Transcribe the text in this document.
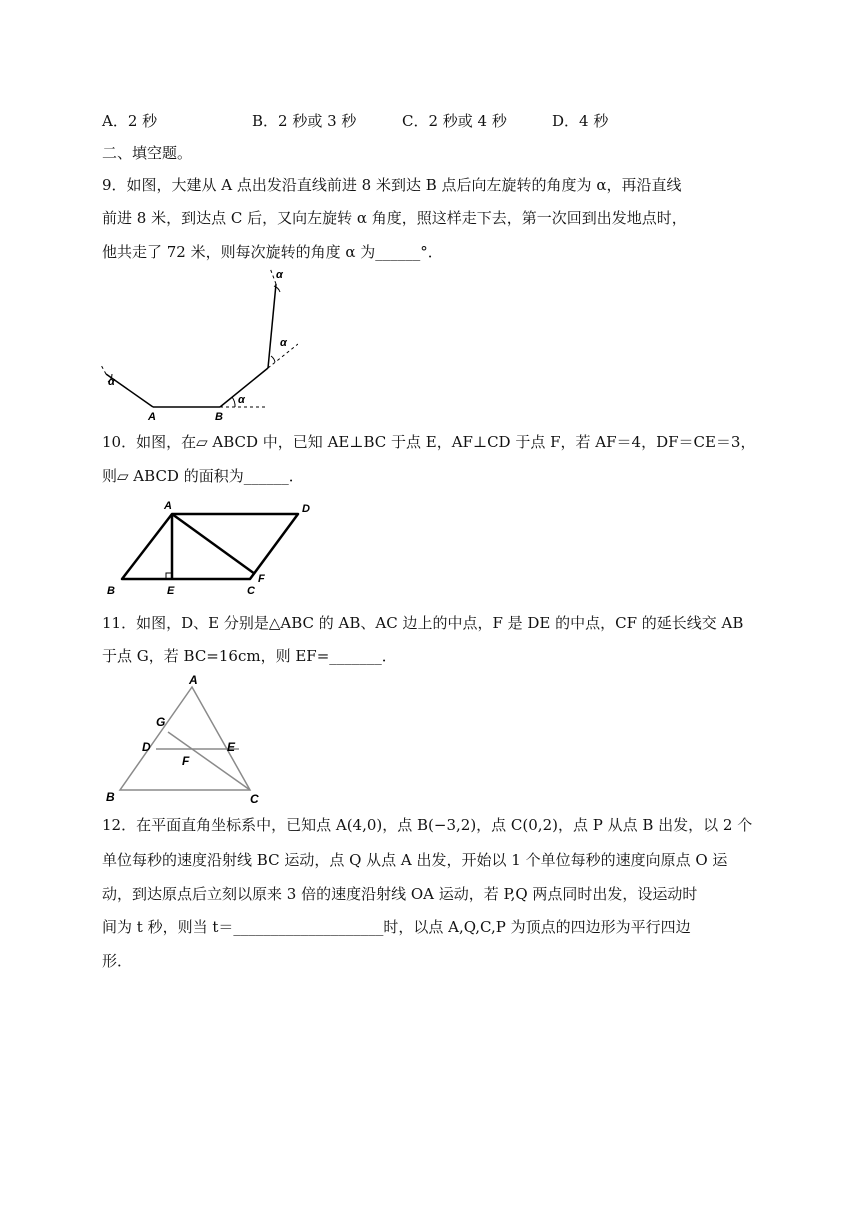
A．2 秒	B．2 秒或 3 秒	C．2 秒或 4 秒	D．4 秒
二、填空题。
9．如图，大建从 A 点出发沿直线前进 8 米到达 B 点后向左旋转的角度为 α，再沿直线
前进 8 米，到达点 C 后，又向左旋转 α 角度，照这样走下去，第一次回到出发地点时，
他共走了 72 米，则每次旋转的角度 α 为______°．
A	B
α
α
α
α
10．如图，在▱ ABCD 中，已知 AE⊥BC 于点 E，AF⊥CD 于点 F，若 AF＝4，DF＝CE＝3，
则▱ ABCD 的面积为______．
A	D
B	E	C
F
11．如图，D、E 分别是△ABC 的 AB、AC 边上的中点，F 是 DE 的中点，CF 的延长线交 AB
于点 G，若 BC=16cm，则 EF=_______．
A
G
D	E
F
B	C
12．在平面直角坐标系中，已知点 A(4,0)，点 B(−3,2)，点 C(0,2)，点 P 从点 B 出发，以 2 个
单位每秒的速度沿射线 BC 运动，点 Q 从点 A 出发，开始以 1 个单位每秒的速度向原点 O 运
动，到达原点后立刻以原来 3 倍的速度沿射线 OA 运动，若 P,Q 两点同时出发，设运动时
间为 t 秒，则当 t＝____________________时，以点 A,Q,C,P 为顶点的四边形为平行四边
形．
